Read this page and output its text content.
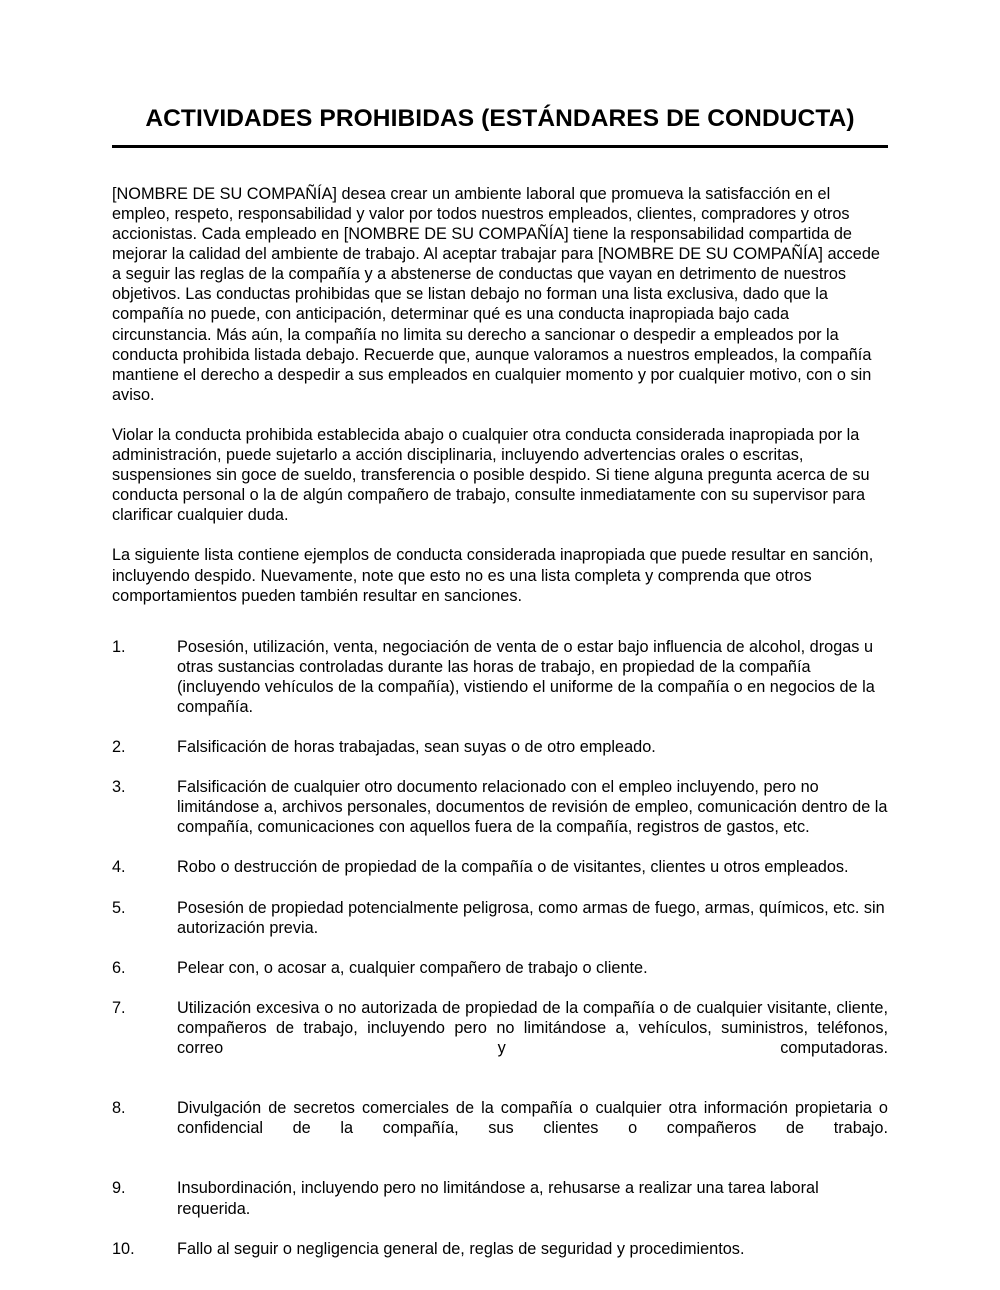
ACTIVIDADES PROHIBIDAS (ESTÁNDARES DE CONDUCTA)

[NOMBRE DE SU COMPAÑÍA] desea crear un ambiente laboral que promueva la satisfacción en el empleo, respeto, responsabilidad y valor por todos nuestros empleados, clientes, compradores y otros accionistas. Cada empleado en [NOMBRE DE SU COMPAÑÍA] tiene la responsabilidad compartida de mejorar la calidad del ambiente de trabajo. Al aceptar trabajar para [NOMBRE DE SU COMPAÑÍA] accede a seguir las reglas de la compañía y a abstenerse de conductas que vayan en detrimento de nuestros objetivos. Las conductas prohibidas que se listan debajo no forman una lista exclusiva, dado que la compañía no puede, con anticipación, determinar qué es una conducta inapropiada bajo cada circunstancia. Más aún, la compañía no limita su derecho a sancionar o despedir a empleados por la conducta prohibida listada debajo. Recuerde que, aunque valoramos a nuestros empleados, la compañía mantiene el derecho a despedir a sus empleados en cualquier momento y por cualquier motivo, con o sin aviso.

Violar la conducta prohibida establecida abajo o cualquier otra conducta considerada inapropiada por la administración, puede sujetarlo a acción disciplinaria, incluyendo advertencias orales o escritas, suspensiones sin goce de sueldo, transferencia o posible despido. Si tiene alguna pregunta acerca de su conducta personal o la de algún compañero de trabajo, consulte inmediatamente con su supervisor para clarificar cualquier duda.

La siguiente lista contiene ejemplos de conducta considerada inapropiada que puede resultar en sanción, incluyendo despido. Nuevamente, note que esto no es una lista completa y comprenda que otros comportamientos pueden también resultar en sanciones.

1.	Posesión, utilización, venta, negociación de venta de o estar bajo influencia de alcohol, drogas u otras sustancias controladas durante las horas de trabajo, en propiedad de la compañía (incluyendo vehículos de la compañía), vistiendo el uniforme de la compañía o en negocios de la compañía.
2.	Falsificación de horas trabajadas, sean suyas o de otro empleado.
3.	Falsificación de cualquier otro documento relacionado con el empleo incluyendo, pero no limitándose a, archivos personales, documentos de revisión de empleo, comunicación dentro de la compañía, comunicaciones con aquellos fuera de la compañía, registros de gastos, etc.
4.	Robo o destrucción de propiedad de la compañía o de visitantes, clientes u otros empleados.
5.	Posesión de propiedad potencialmente peligrosa, como armas de fuego, armas, químicos, etc. sin autorización previa.
6.	Pelear con, o acosar a, cualquier compañero de trabajo o cliente.
7.	Utilización excesiva o no autorizada de propiedad de la compañía o de cualquier visitante, cliente, compañeros de trabajo, incluyendo pero no limitándose a, vehículos, suministros, teléfonos, correo y computadoras.
8.	Divulgación de secretos comerciales de la compañía o cualquier otra información propietaria o confidencial de la compañía, sus clientes o compañeros de trabajo.
9.	Insubordinación, incluyendo pero no limitándose a, rehusarse a realizar una tarea laboral requerida.
10.	Fallo al seguir o negligencia general de, reglas de seguridad y procedimientos.
